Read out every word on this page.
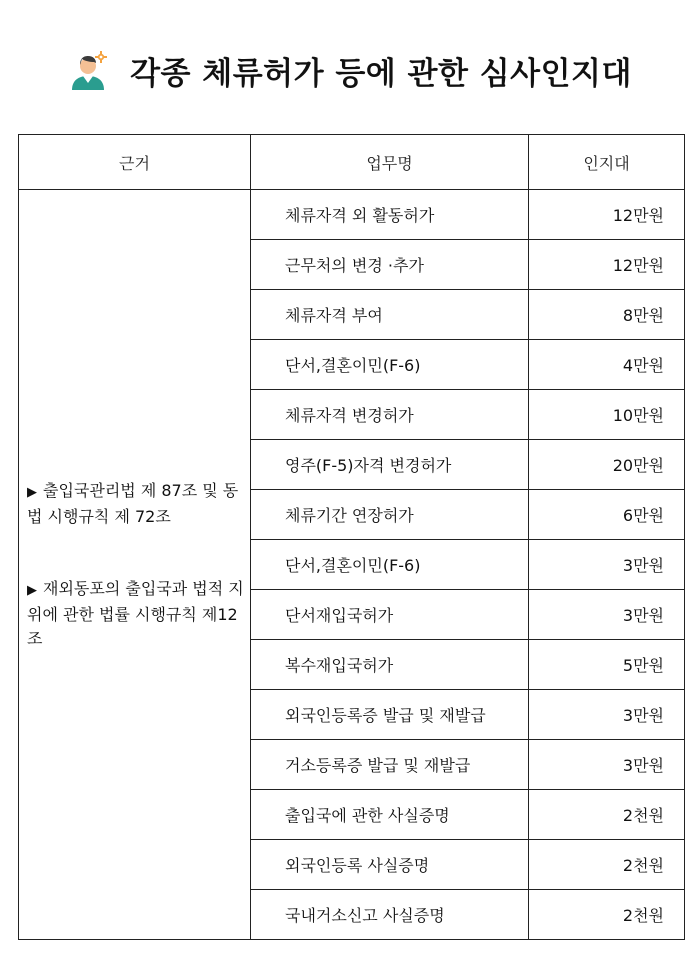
각종 체류허가 등에 관한 심사인지대
근거	업무명	인지대

▶ 출입국관리법 제 87조 및 동법 시행규칙 제 72조

▶ 재외동포의 출입국과 법적 지위에 관한 법률 시행규칙 제12조	체류자격 외 활동허가	12만원
	근무처의 변경 ·추가	12만원
	체류자격 부여	8만원
	단서,결혼이민(F-6)	4만원
	체류자격 변경허가	10만원
	영주(F-5)자격 변경허가	20만원
	체류기간 연장허가	6만원
	단서,결혼이민(F-6)	3만원
	단서재입국허가	3만원
	복수재입국허가	5만원
	외국인등록증 발급 및 재발급	3만원
	거소등록증 발급 및 재발급	3만원
	출입국에 관한 사실증명	2천원
	외국인등록 사실증명	2천원
	국내거소신고 사실증명	2천원
